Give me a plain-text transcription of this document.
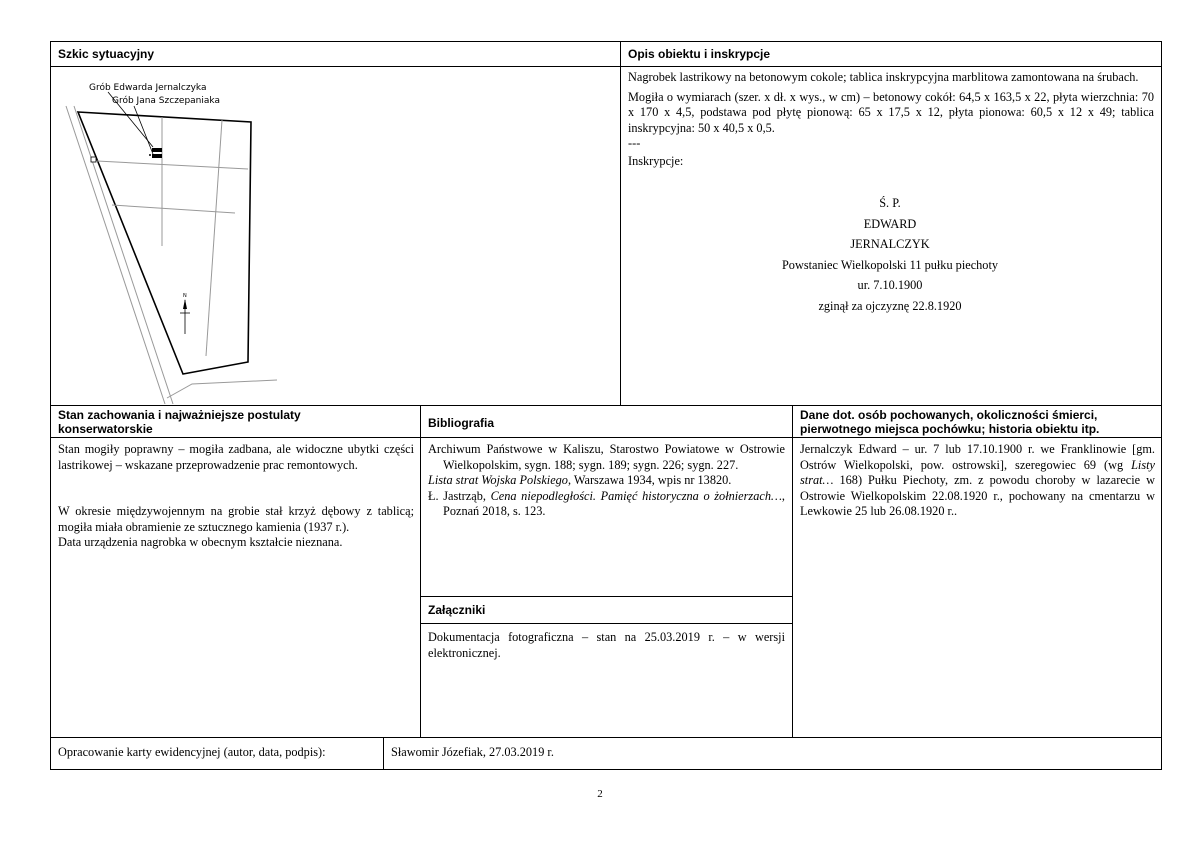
Szkic sytuacyjny
Grób Edwarda Jernalczyka
Grób Jana Szczepaniaka
N
Opis obiektu i inskrypcje
Nagrobek lastrikowy na betonowym cokole; tablica inskrypcyjna marblitowa zamontowana na śrubach.
Mogiła o wymiarach (szer. x dł. x wys., w cm) – betonowy cokół: 64,5 x 163,5 x 22, płyta wierzchnia: 70 x 170 x 4,5, podstawa pod płytę pionową: 65 x 17,5 x 12, płyta pionowa: 60,5 x 12 x 49; tablica inskrypcyjna: 50 x 40,5 x 0,5.
---
Inskrypcje:
Ś. P.
EDWARD
JERNALCZYK
Powstaniec Wielkopolski 11 pułku piechoty
ur. 7.10.1900
zginął za ojczyznę 22.8.1920
Stan zachowania i najważniejsze postulaty konserwatorskie	Bibliografia
Dane dot. osób pochowanych, okoliczności śmierci, pierwotnego miejsca pochówku; historia obiektu itp.
Stan mogiły poprawny – mogiła zadbana, ale widoczne ubytki części lastrikowej – wskazane przeprowadzenie prac remontowych.
W okresie międzywojennym na grobie stał krzyż dębowy z tablicą; mogiła miała obramienie ze sztucznego kamienia (1937 r.).
Data urządzenia nagrobka w obecnym kształcie nieznana.
Archiwum Państwowe w Kaliszu, Starostwo Powiatowe w Ostrowie Wielkopolskim, sygn. 188; sygn. 189; sygn. 226; sygn. 227.
Lista strat Wojska Polskiego, Warszawa 1934, wpis nr 13820.
Ł. Jastrząb, Cena niepodległości. Pamięć historyczna o żołnierzach…, Poznań 2018, s. 123.
Załączniki
Dokumentacja fotograficzna – stan na 25.03.2019 r. – w wersji elektronicznej.
Jernalczyk Edward – ur. 7 lub 17.10.1900 r. we Franklinowie [gm. Ostrów Wielkopolski, pow. ostrowski], szeregowiec 69 (wg Listy strat… 168) Pułku Piechoty, zm. z powodu choroby w lazarecie w Ostrowie Wielkopolskim 22.08.1920 r., pochowany na cmentarzu w Lewkowie 25 lub 26.08.1920 r..
Opracowanie karty ewidencyjnej (autor, data, podpis):	Sławomir Józefiak, 27.03.2019 r.
2
